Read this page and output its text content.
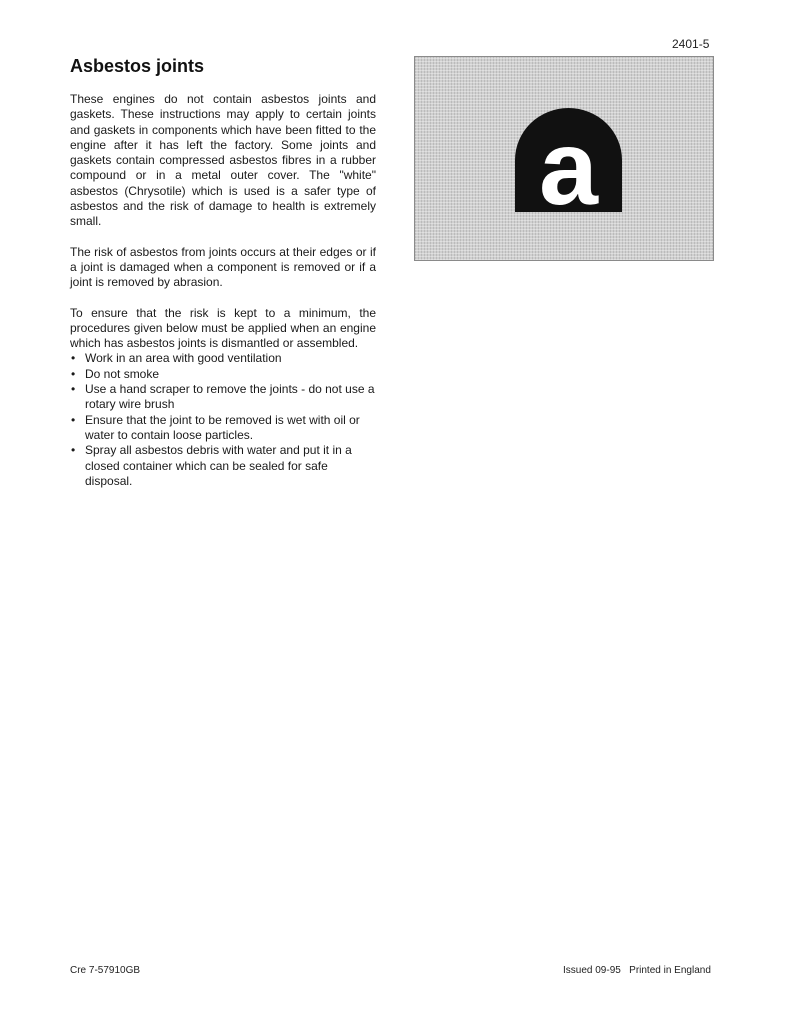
2401-5
Asbestos joints

These engines do not contain asbestos joints and gaskets. These instructions may apply to certain joints and gaskets in components which have been fitted to the engine after it has left the factory. Some joints and gaskets contain compressed asbestos fibres in a rubber compound or in a metal outer cover. The "white" asbestos (Chrysotile) which is used is a safer type of asbestos and the risk of damage to health is extremely small.

The risk of asbestos from joints occurs at their edges or if a joint is damaged when a component is removed or if a joint is removed by abrasion.

To ensure that the risk is kept to a minimum, the procedures given below must be applied when an engine which has asbestos joints is dismantled or assembled.

• Work in an area with good ventilation
• Do not smoke
• Use a hand scraper to remove the joints - do not use a rotary wire brush
• Ensure that the joint to be removed is wet with oil or water to contain loose particles.
• Spray all asbestos debris with water and put it in a closed container which can be sealed for safe disposal.
a
Cre 7-57910GB	Issued 09-95   Printed in England
